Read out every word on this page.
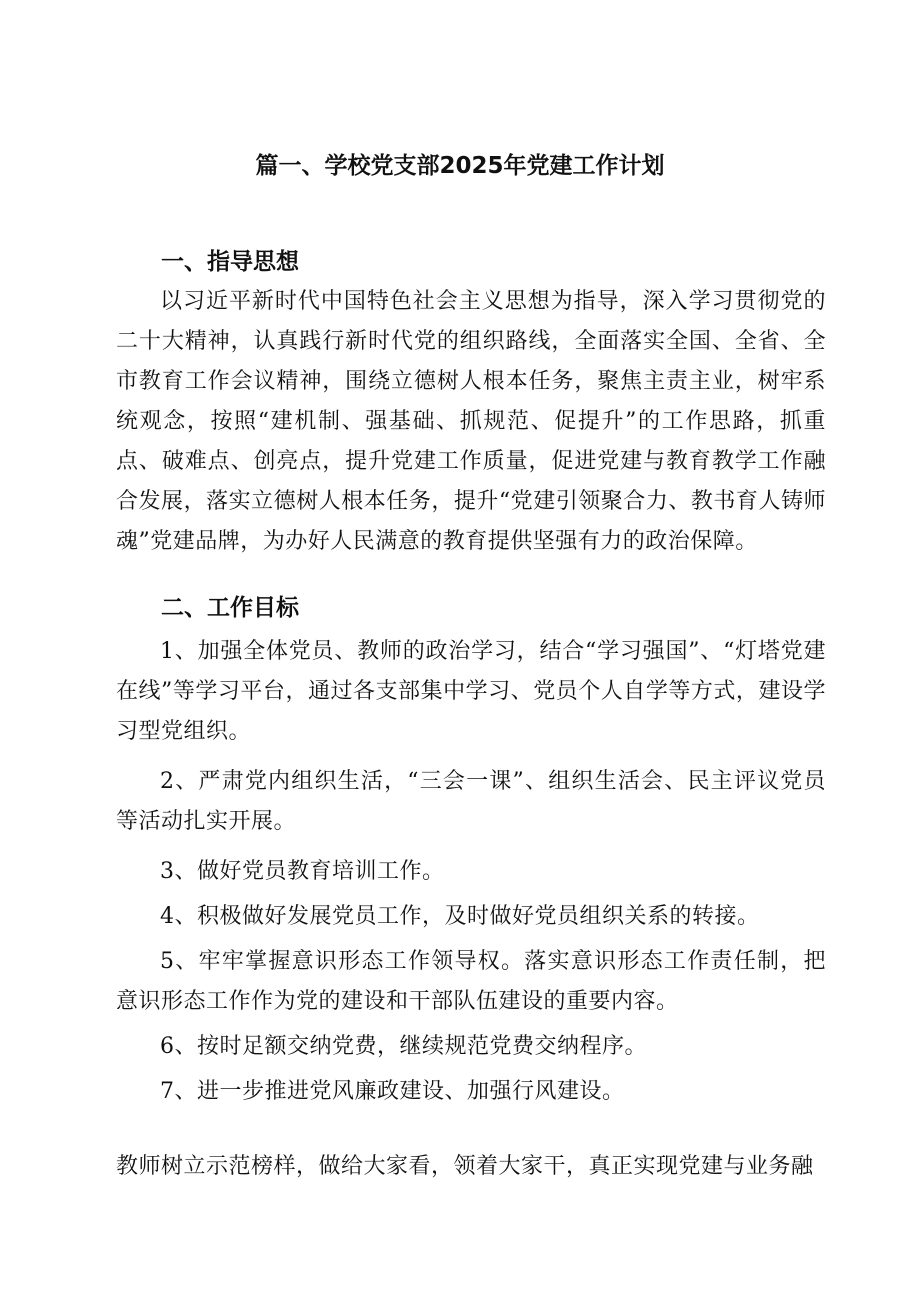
篇一、学校党支部2025年党建工作计划
一、指导思想
以习近平新时代中国特色社会主义思想为指导，深入学习贯彻党的二十大精神，认真践行新时代党的组织路线，全面落实全国、全省、全市教育工作会议精神，围绕立德树人根本任务，聚焦主责主业，树牢系统观念，按照“建机制、强基础、抓规范、促提升”的工作思路，抓重点、破难点、创亮点，提升党建工作质量，促进党建与教育教学工作融合发展，落实立德树人根本任务，提升“党建引领聚合力、教书育人铸师魂”党建品牌，为办好人民满意的教育提供坚强有力的政治保障。
二、工作目标
1、加强全体党员、教师的政治学习，结合“学习强国”、“灯塔党建在线”等学习平台，通过各支部集中学习、党员个人自学等方式，建设学习型党组织。
2、严肃党内组织生活，“三会一课”、组织生活会、民主评议党员等活动扎实开展。
3、做好党员教育培训工作。
4、积极做好发展党员工作，及时做好党员组织关系的转接。
5、牢牢掌握意识形态工作领导权。落实意识形态工作责任制，把意识形态工作作为党的建设和干部队伍建设的重要内容。
6、按时足额交纳党费，继续规范党费交纳程序。
7、进一步推进党风廉政建设、加强行风建设。
教师树立示范榜样，做给大家看，领着大家干，真正实现党建与业务融
